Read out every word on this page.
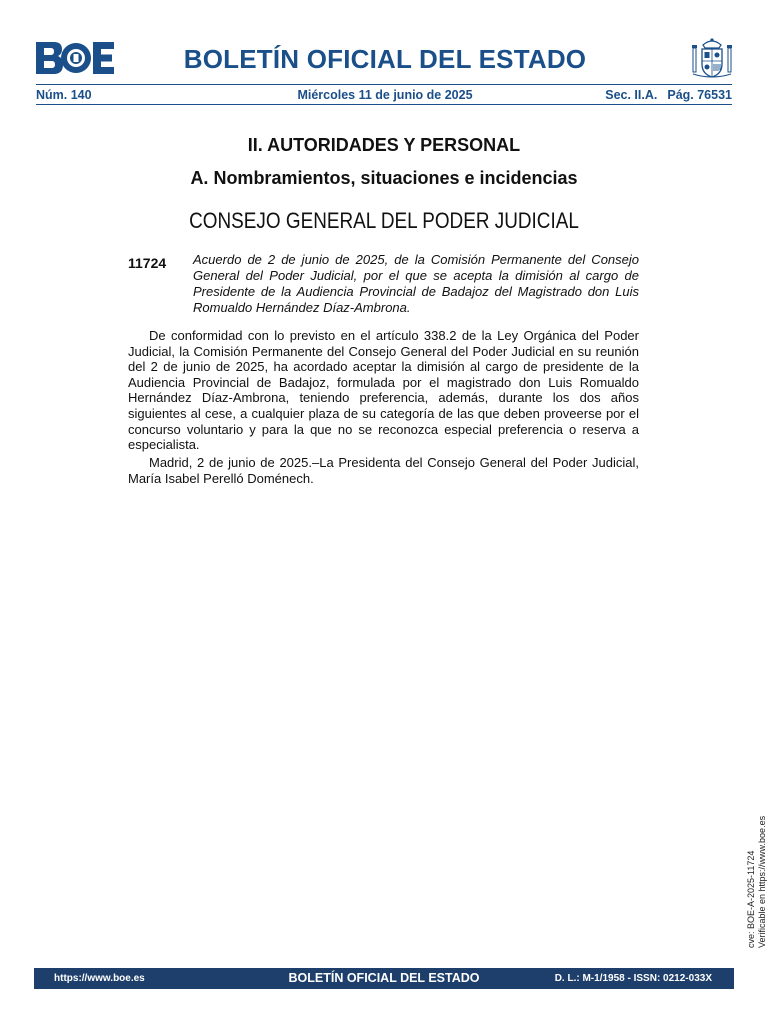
BOLETÍN OFICIAL DEL ESTADO
Núm. 140	Miércoles 11 de junio de 2025	Sec. II.A. Pág. 76531
II. AUTORIDADES Y PERSONAL
A. Nombramientos, situaciones e incidencias
CONSEJO GENERAL DEL PODER JUDICIAL
11724 Acuerdo de 2 de junio de 2025, de la Comisión Permanente del Consejo General del Poder Judicial, por el que se acepta la dimisión al cargo de Presidente de la Audiencia Provincial de Badajoz del Magistrado don Luis Romualdo Hernández Díaz-Ambrona.

De conformidad con lo previsto en el artículo 338.2 de la Ley Orgánica del Poder Judicial, la Comisión Permanente del Consejo General del Poder Judicial en su reunión del 2 de junio de 2025, ha acordado aceptar la dimisión al cargo de presidente de la Audiencia Provincial de Badajoz, formulada por el magistrado don Luis Romualdo Hernández Díaz-Ambrona, teniendo preferencia, además, durante los dos años siguientes al cese, a cualquier plaza de su categoría de las que deben proveerse por el concurso voluntario y para la que no se reconozca especial preferencia o reserva a especialista.

Madrid, 2 de junio de 2025.–La Presidenta del Consejo General del Poder Judicial, María Isabel Perelló Doménech.

cve: BOE-A-2025-11724 Verificable en https://www.boe.es
https://www.boe.es	BOLETÍN OFICIAL DEL ESTADO	D. L.: M-1/1958 - ISSN: 0212-033X
